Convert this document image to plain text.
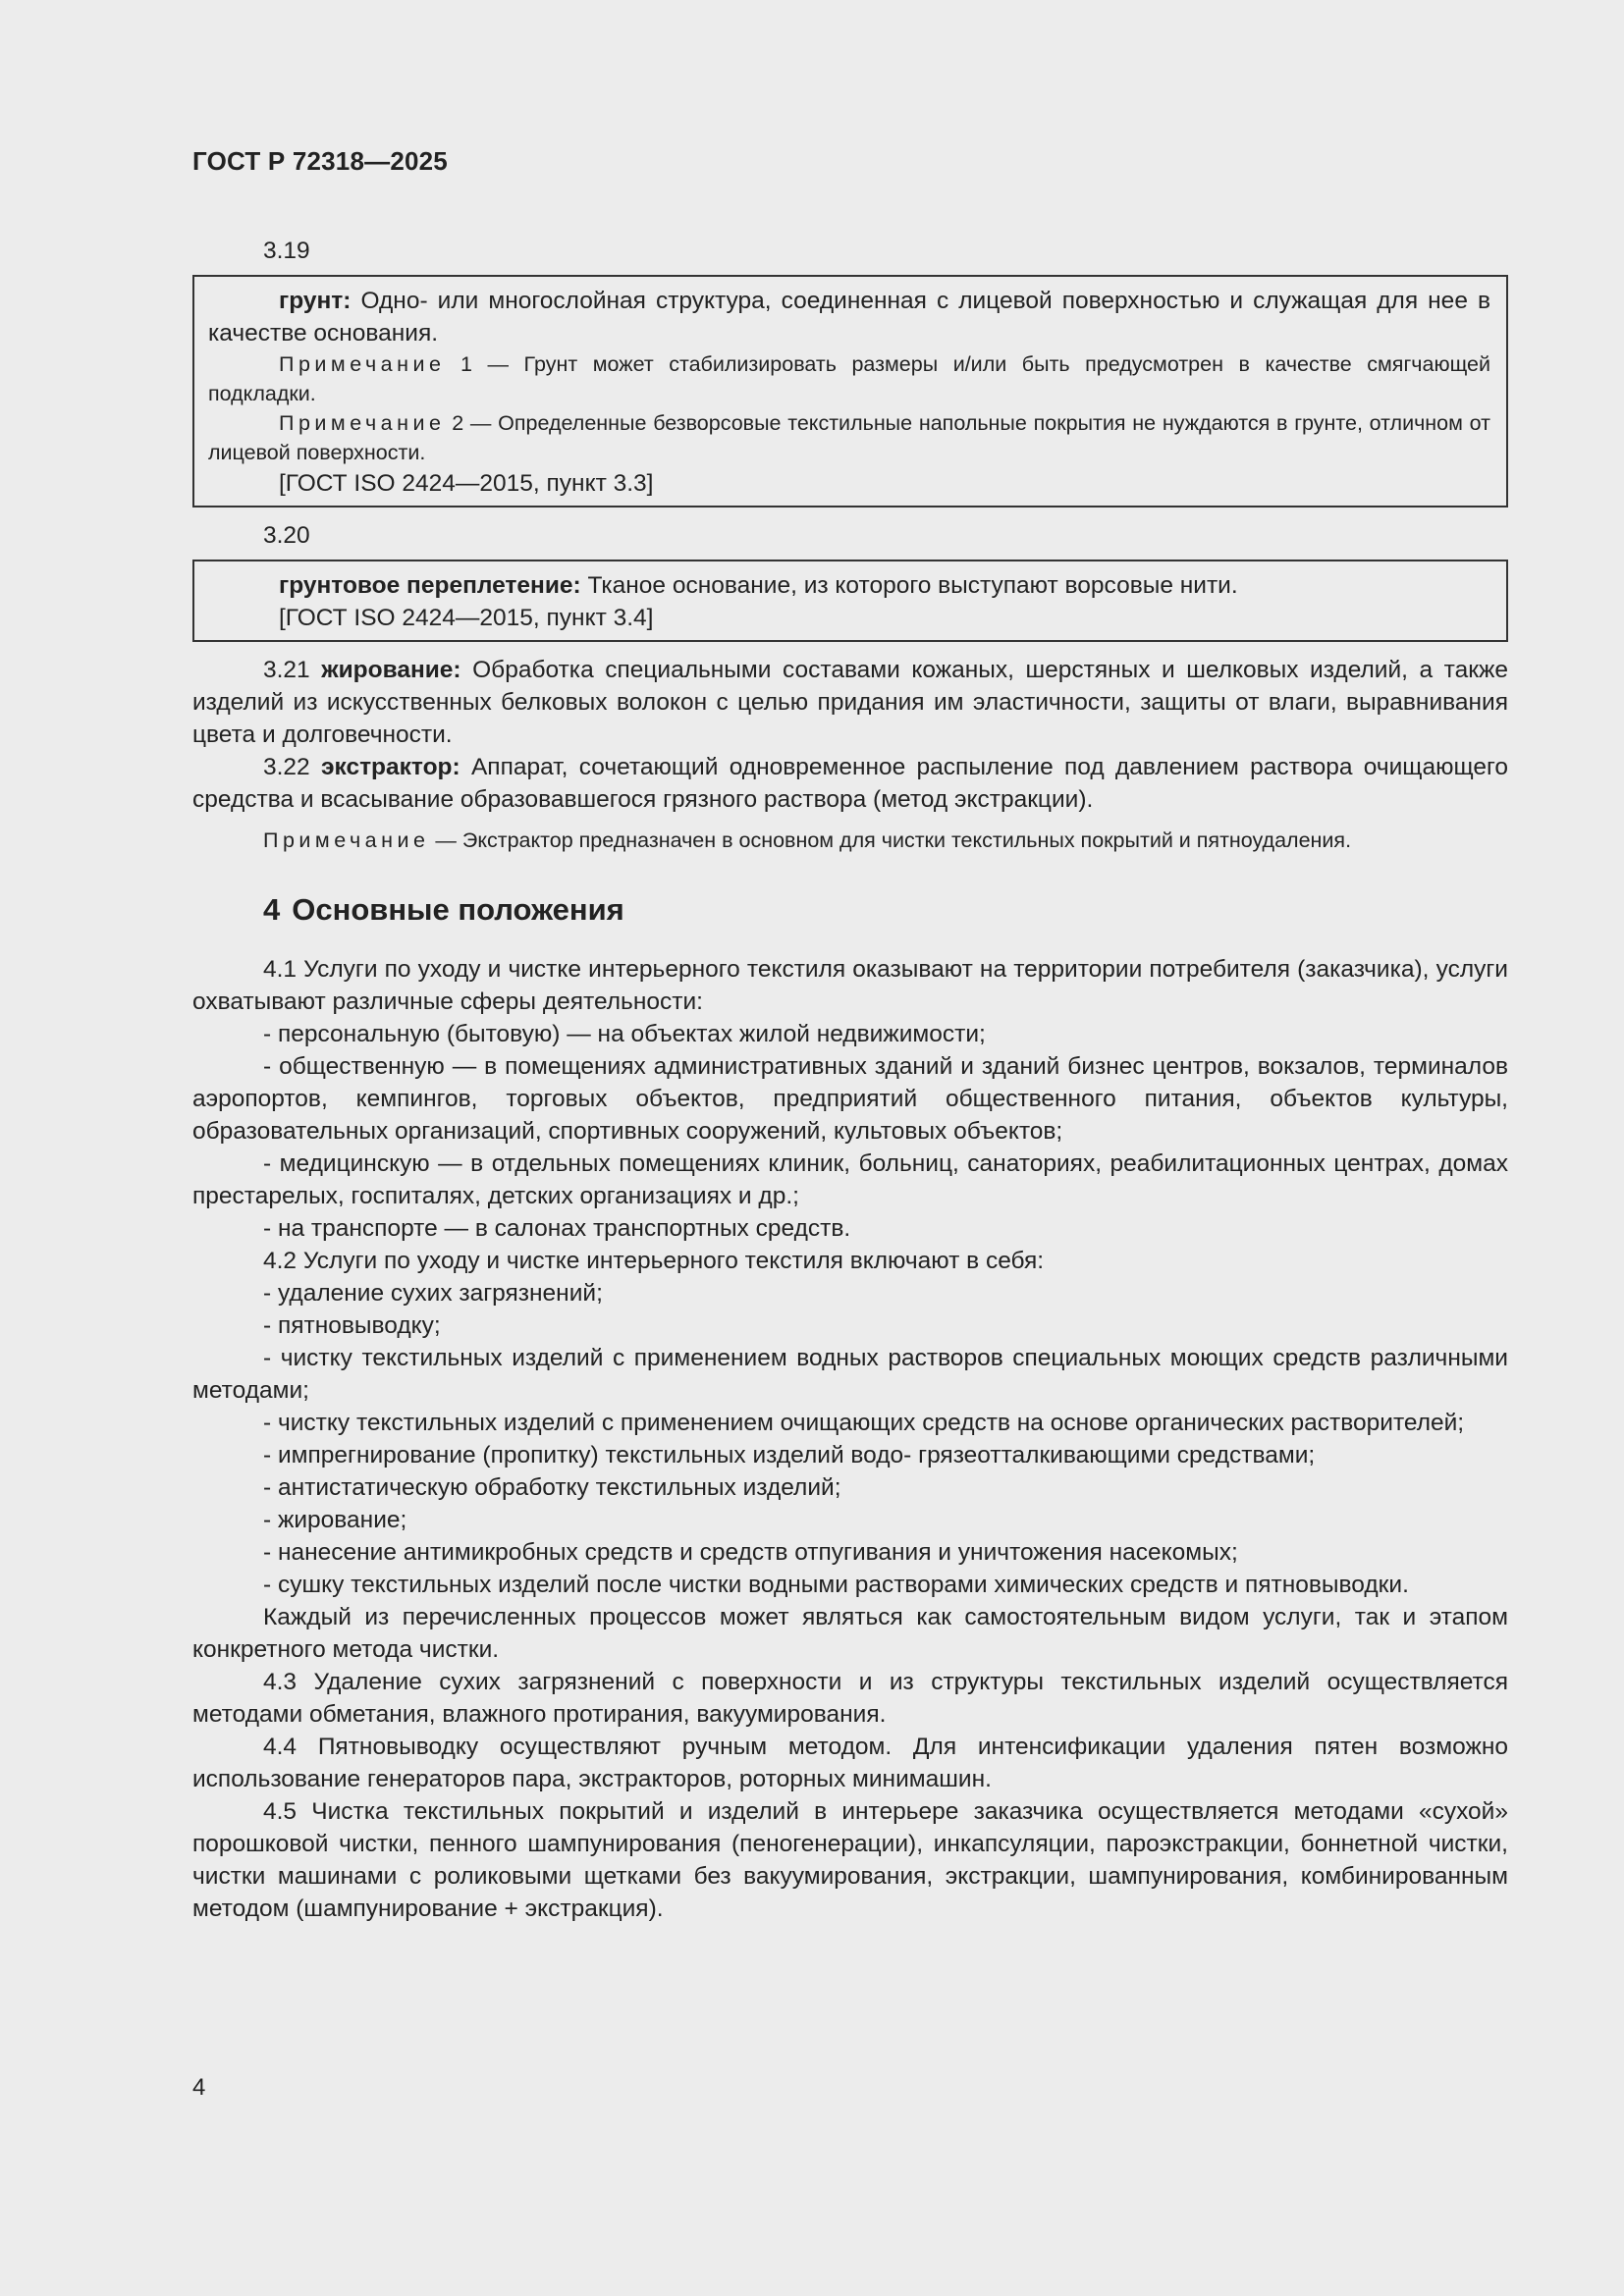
ГОСТ Р 72318—2025
3.19

грунт: Одно- или многослойная структура, соединенная с лицевой поверхностью и служащая для нее в качестве основания.

Примечание 1 — Грунт может стабилизировать размеры и/или быть предусмотрен в качестве смягчающей подкладки.

Примечание 2 — Определенные безворсовые текстильные напольные покрытия не нуждаются в грунте, отличном от лицевой поверхности.

[ГОСТ ISO 2424—2015, пункт 3.3]

3.20

грунтовое переплетение: Тканое основание, из которого выступают ворсовые нити.

[ГОСТ ISO 2424—2015, пункт 3.4]

3.21 жирование: Обработка специальными составами кожаных, шерстяных и шелковых изделий, а также изделий из искусственных белковых волокон с целью придания им эластичности, защиты от влаги, выравнивания цвета и долговечности.

3.22 экстрактор: Аппарат, сочетающий одновременное распыление под давлением раствора очищающего средства и всасывание образовавшегося грязного раствора (метод экстракции).

Примечание — Экстрактор предназначен в основном для чистки текстильных покрытий и пятноудаления.

4 Основные положения

4.1 Услуги по уходу и чистке интерьерного текстиля оказывают на территории потребителя (заказчика), услуги охватывают различные сферы деятельности:

- персональную (бытовую) — на объектах жилой недвижимости;

- общественную — в помещениях административных зданий и зданий бизнес центров, вокзалов, терминалов аэропортов, кемпингов, торговых объектов, предприятий общественного питания, объектов культуры, образовательных организаций, спортивных сооружений, культовых объектов;

- медицинскую — в отдельных помещениях клиник, больниц, санаториях, реабилитационных центрах, домах престарелых, госпиталях, детских организациях и др.;

- на транспорте — в салонах транспортных средств.

4.2 Услуги по уходу и чистке интерьерного текстиля включают в себя:

- удаление сухих загрязнений;

- пятновыводку;

- чистку текстильных изделий с применением водных растворов специальных моющих средств различными методами;

- чистку текстильных изделий с применением очищающих средств на основе органических растворителей;

- импрегнирование (пропитку) текстильных изделий водо- грязеотталкивающими средствами;

- антистатическую обработку текстильных изделий;

- жирование;

- нанесение антимикробных средств и средств отпугивания и уничтожения насекомых;

- сушку текстильных изделий после чистки водными растворами химических средств и пятновыводки.

Каждый из перечисленных процессов может являться как самостоятельным видом услуги, так и этапом конкретного метода чистки.

4.3 Удаление сухих загрязнений с поверхности и из структуры текстильных изделий осуществляется методами обметания, влажного протирания, вакуумирования.

4.4 Пятновыводку осуществляют ручным методом. Для интенсификации удаления пятен возможно использование генераторов пара, экстракторов, роторных минимашин.

4.5 Чистка текстильных покрытий и изделий в интерьере заказчика осуществляется методами «сухой» порошковой чистки, пенного шампунирования (пеногенерации), инкапсуляции, пароэкстракции, боннетной чистки, чистки машинами с роликовыми щетками без вакуумирования, экстракции, шампунирования, комбинированным методом (шампунирование + экстракция).

4
